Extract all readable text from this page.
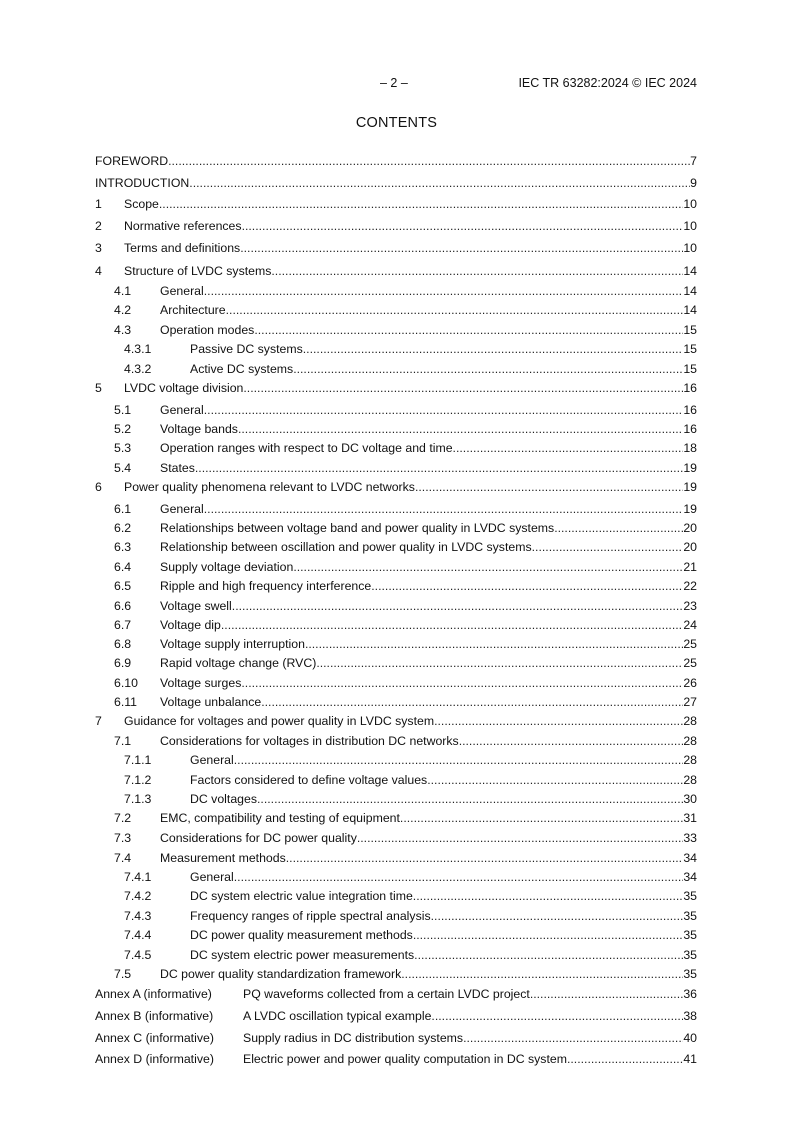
– 2 –	IEC TR 63282:2024 © IEC 2024
CONTENTS
FOREWORD .....	7
INTRODUCTION .....	9
1	Scope .....	10
2	Normative references .....	10
3	Terms and definitions .....	10
4	Structure of LVDC systems .....	14
4.1	General .....	14
4.2	Architecture .....	14
4.3	Operation modes .....	15
4.3.1	Passive DC systems .....	15
4.3.2	Active DC systems .....	15
5	LVDC voltage division .....	16
5.1	General .....	16
5.2	Voltage bands .....	16
5.3	Operation ranges with respect to DC voltage and time .....	18
5.4	States .....	19
6	Power quality phenomena relevant to LVDC networks .....	19
6.1	General .....	19
6.2	Relationships between voltage band and power quality in LVDC systems .....	20
6.3	Relationship between oscillation and power quality in LVDC systems .....	20
6.4	Supply voltage deviation .....	21
6.5	Ripple and high frequency interference .....	22
6.6	Voltage swell .....	23
6.7	Voltage dip .....	24
6.8	Voltage supply interruption .....	25
6.9	Rapid voltage change (RVC) .....	25
6.10	Voltage surges .....	26
6.11	Voltage unbalance .....	27
7	Guidance for voltages and power quality in LVDC system .....	28
7.1	Considerations for voltages in distribution DC networks .....	28
7.1.1	General .....	28
7.1.2	Factors considered to define voltage values .....	28
7.1.3	DC voltages .....	30
7.2	EMC, compatibility and testing of equipment .....	31
7.3	Considerations for DC power quality .....	33
7.4	Measurement methods .....	34
7.4.1	General .....	34
7.4.2	DC system electric value integration time .....	35
7.4.3	Frequency ranges of ripple spectral analysis .....	35
7.4.4	DC power quality measurement methods .....	35
7.4.5	DC system electric power measurements .....	35
7.5	DC power quality standardization framework .....	35
Annex A (informative)	PQ waveforms collected from a certain LVDC project .....	36
Annex B (informative)	A LVDC oscillation typical example .....	38
Annex C (informative)	Supply radius in DC distribution systems .....	40
Annex D (informative)	Electric power and power quality computation in DC system .....	41
